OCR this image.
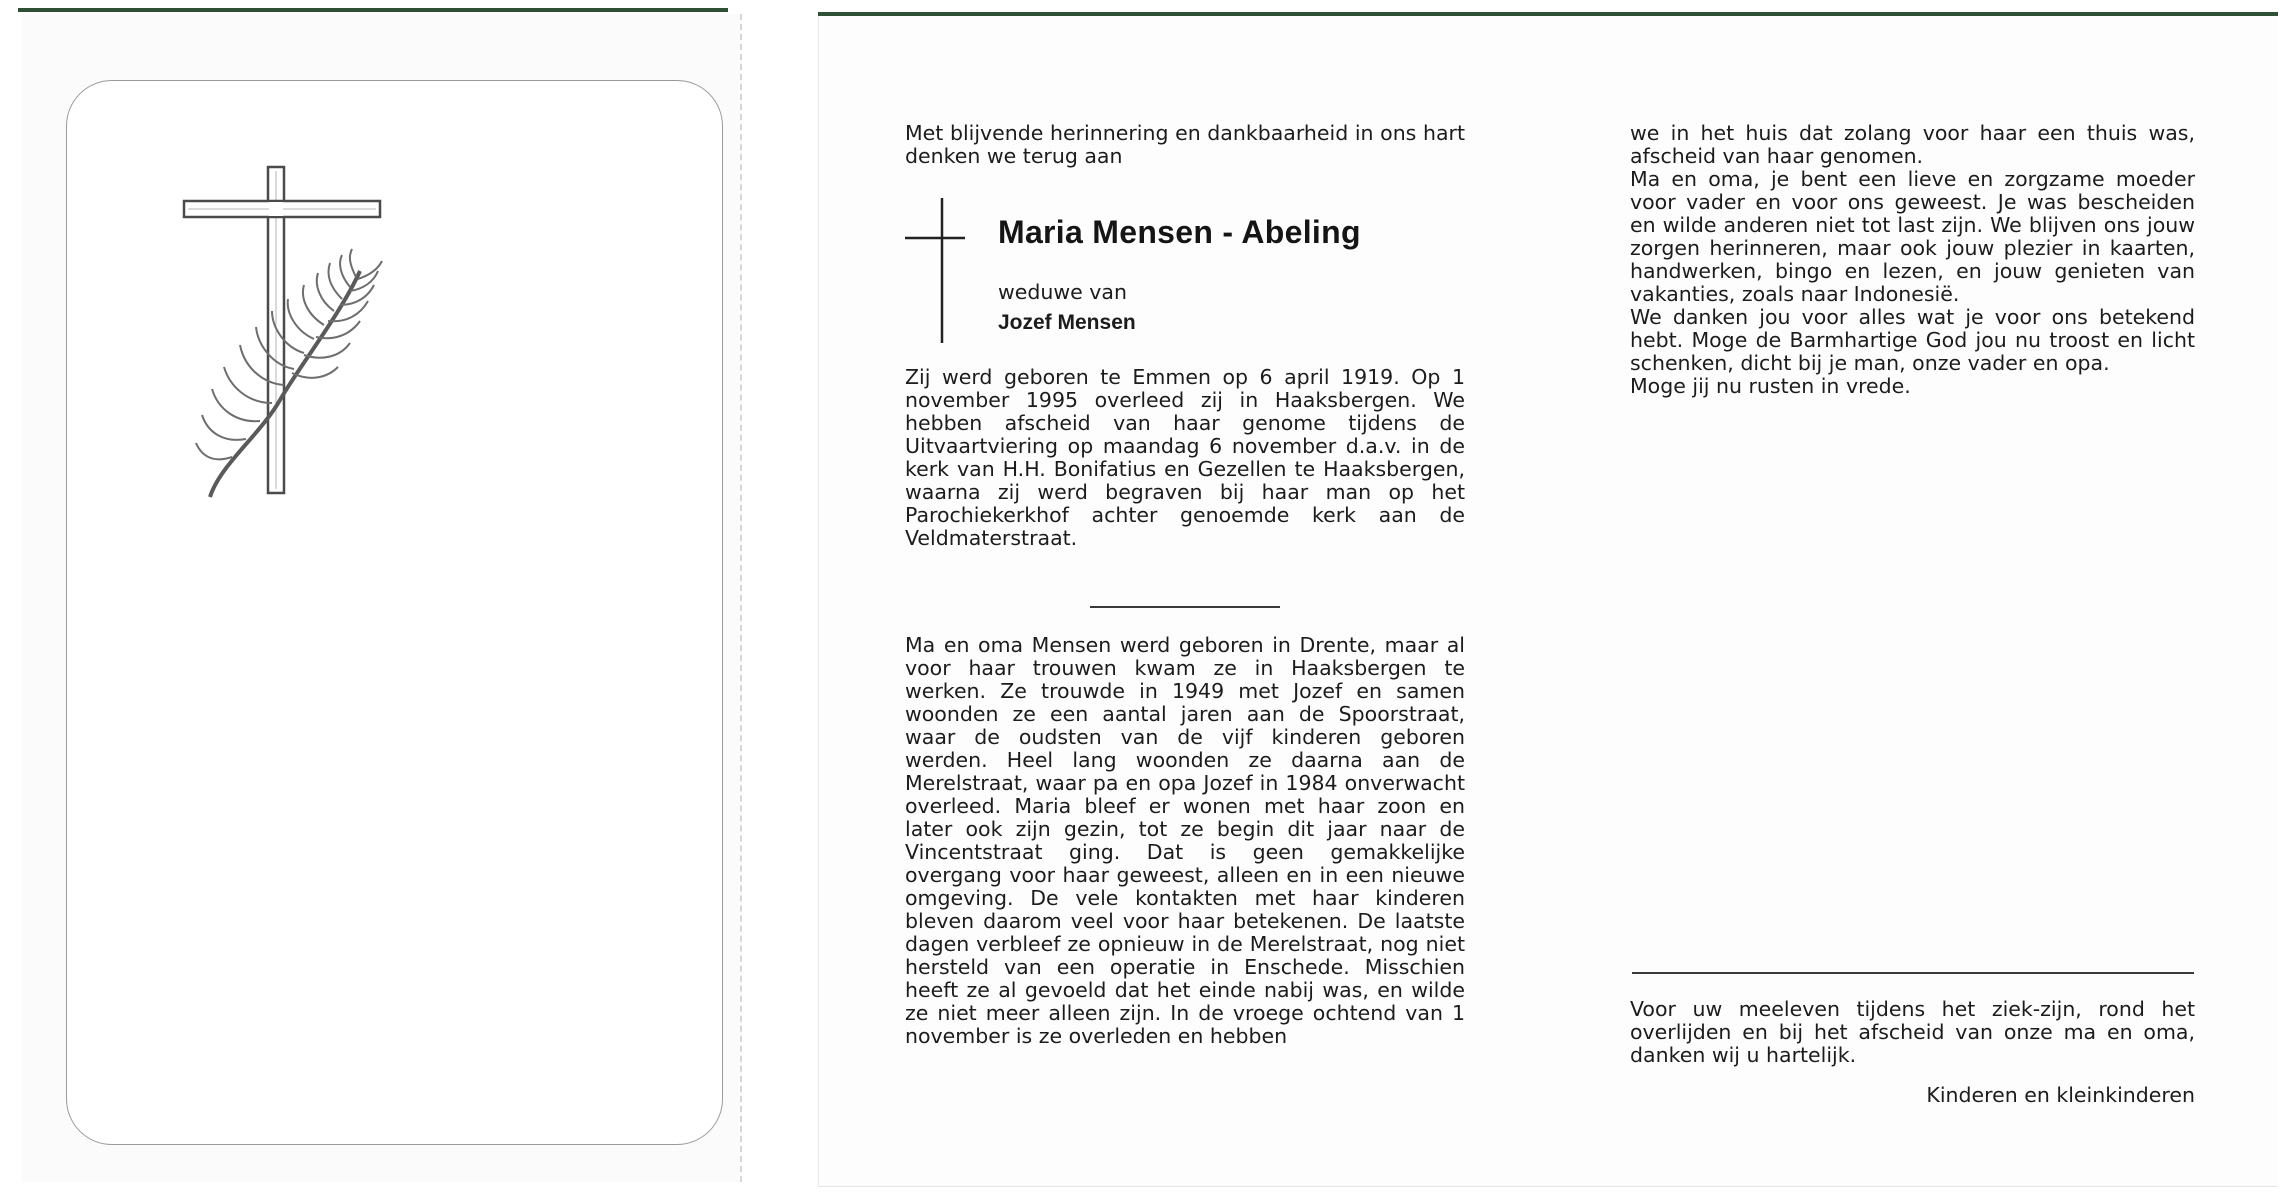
Met blijvende herinnering en dankbaarheid in ons hart denken we terug aan

Maria Mensen - Abeling
weduwe van
Jozef Mensen

Zij werd geboren te Emmen op 6 april 1919. Op 1 november 1995 overleed zij in Haaksbergen. We hebben afscheid van haar genome tijdens de Uitvaartviering op maandag 6 november d.a.v. in de kerk van H.H. Bonifatius en Gezellen te Haaksbergen, waarna zij werd begraven bij haar man op het Parochiekerkhof achter genoemde kerk aan de Veldmaterstraat.

Ma en oma Mensen werd geboren in Drente, maar al voor haar trouwen kwam ze in Haaksbergen te werken. Ze trouwde in 1949 met Jozef en samen woonden ze een aantal jaren aan de Spoorstraat, waar de oudsten van de vijf kinderen geboren werden. Heel lang woonden ze daarna aan de Merelstraat, waar pa en opa Jozef in 1984 onverwacht overleed. Maria bleef er wonen met haar zoon en later ook zijn gezin, tot ze begin dit jaar naar de Vincentstraat ging. Dat is geen gemakkelijke overgang voor haar geweest, alleen en in een nieuwe omgeving. De vele kontakten met haar kinderen bleven daarom veel voor haar betekenen. De laatste dagen verbleef ze opnieuw in de Merelstraat, nog niet hersteld van een operatie in Enschede. Misschien heeft ze al gevoeld dat het einde nabij was, en wilde ze niet meer alleen zijn. In de vroege ochtend van 1 november is ze overleden en hebben

we in het huis dat zolang voor haar een thuis was, afscheid van haar genomen.

Ma en oma, je bent een lieve en zorgzame moeder voor vader en voor ons geweest. Je was bescheiden en wilde anderen niet tot last zijn. We blijven ons jouw zorgen herinneren, maar ook jouw plezier in kaarten, handwerken, bingo en lezen, en jouw genieten van vakanties, zoals naar Indonesië.

We danken jou voor alles wat je voor ons betekend hebt. Moge de Barmhartige God jou nu troost en licht schenken, dicht bij je man, onze vader en opa.

Moge jij nu rusten in vrede.

Voor uw meeleven tijdens het ziek-zijn, rond het overlijden en bij het afscheid van onze ma en oma, danken wij u hartelijk.

Kinderen en kleinkinderen
